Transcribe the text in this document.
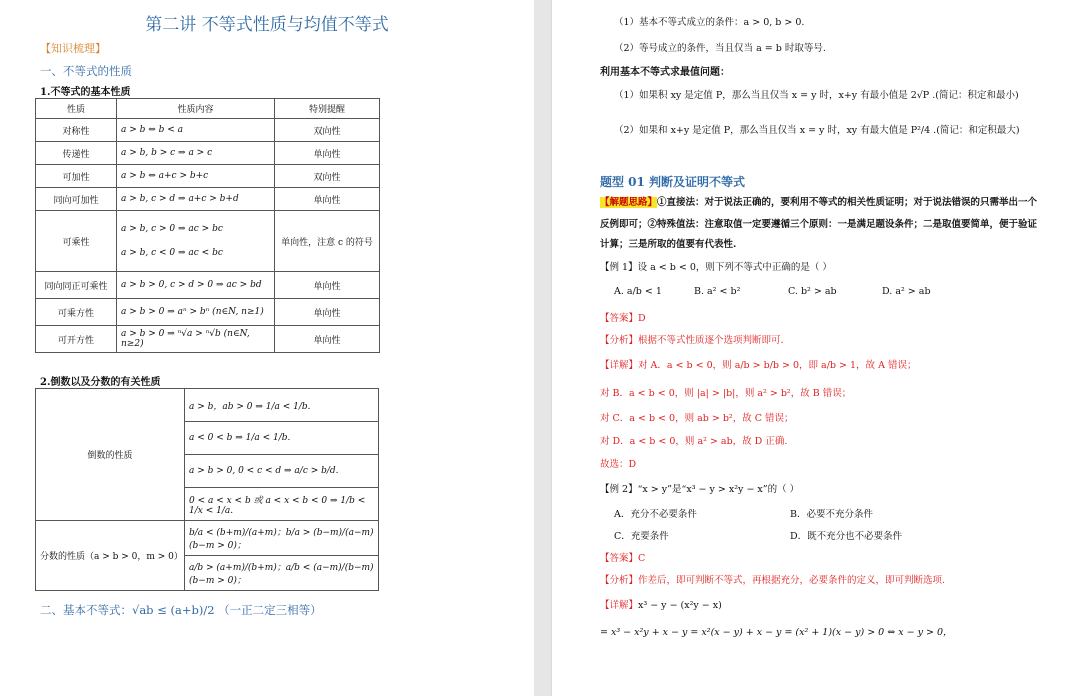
第二讲 不等式性质与均值不等式
【知识梳理】
一、不等式的性质
1.不等式的基本性质
性质	性质内容	特别提醒
对称性	a > b ⇔ b < a	双向性
传递性	a > b, b > c ⇒ a > c	单向性
可加性	a > b ⇔ a+c > b+c	双向性
同向可加性	a > b, c > d ⇒ a+c > b+d	单向性
可乘性	a > b, c > 0 ⇒ ac > bc
a > b, c < 0 ⇒ ac < bc	单向性，注意 c 的符号
同向同正可乘性	a > b > 0, c > d > 0 ⇒ ac > bd	单向性
可乘方性	a > b > 0 ⇒ aⁿ > bⁿ (n∈N, n≥1)	单向性
可开方性	a > b > 0 ⇒ ⁿ√a > ⁿ√b (n∈N, n≥2)	单向性
2.倒数以及分数的有关性质
倒数的性质	a > b，ab > 0 ⇒ 1/a < 1/b.
	a < 0 < b ⇒ 1/a < 1/b.
	a > b > 0, 0 < c < d ⇒ a/c > b/d.
	0 < a < x < b 或 a < x < b < 0 ⇒ 1/b < 1/x < 1/a.
分数的性质（a > b > 0，m > 0）	b/a < (b+m)/(a+m)；b/a > (b−m)/(a−m) (b−m > 0)；
	a/b > (a+m)/(b+m)；a/b < (a−m)/(b−m) (b−m > 0)；
二、基本不等式：√ab ≤ (a+b)/2 （一正二定三相等）
（1）基本不等式成立的条件：a > 0, b > 0.
（2）等号成立的条件，当且仅当 a = b 时取等号.
利用基本不等式求最值问题：
（1）如果积 xy 是定值 P，那么当且仅当 x = y 时，x+y 有最小值是 2√P .(简记：积定和最小)
（2）如果和 x+y 是定值 P，那么当且仅当 x = y 时，xy 有最大值是 P²/4 .(简记：和定积最大)
题型 01 判断及证明不等式
【解题思路】①直接法：对于说法正确的，要利用不等式的相关性质证明；对于说法错误的只需举出一个
反例即可；②特殊值法：注意取值一定要遵循三个原则：一是满足题设条件；二是取值要简单，便于验证
计算；三是所取的值要有代表性.
【例 1】设 a < b < 0，则下列不等式中正确的是（ ）
A. a/b < 1	B. a² < b²	C. b² > ab	D. a² > ab
【答案】D
【分析】根据不等式性质逐个选项判断即可.
【详解】对 A．a < b < 0，则 a/b > b/b > 0，即 a/b > 1，故 A 错误；
对 B．a < b < 0，则 |a| > |b|，则 a² > b²，故 B 错误；
对 C．a < b < 0，则 ab > b²，故 C 错误；
对 D．a < b < 0，则 a² > ab，故 D 正确.
故选：D
【例 2】“x > y”是“x³ − y > x²y − x”的（ ）
A．充分不必要条件	B．必要不充分条件
C．充要条件	D．既不充分也不必要条件
【答案】C
【分析】作差后，即可判断不等式，再根据充分，必要条件的定义，即可判断选项.
【详解】x³ − y − (x²y − x)
= x³ − x²y + x − y = x²(x − y) + x − y = (x² + 1)(x − y) > 0 ⇔ x − y > 0，
